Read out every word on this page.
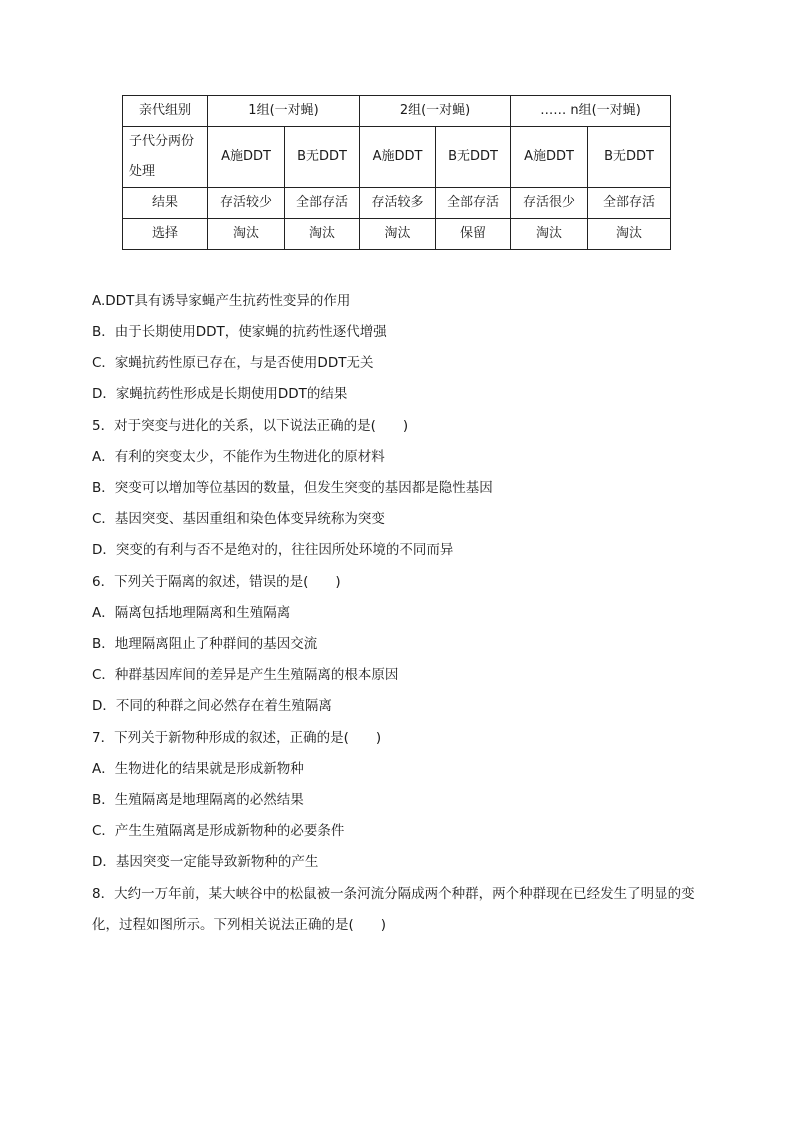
亲代组别	1组(一对蝇)		2组(一对蝇)		…… n组(一对蝇)	
子代分两份处理	A施DDT	B无DDT	A施DDT	B无DDT	A施DDT	B无DDT
结果	存活较少	全部存活	存活较多	全部存活	存活很少	全部存活
选择	淘汰	淘汰	淘汰	保留	淘汰	淘汰
A.DDT具有诱导家蝇产生抗药性变异的作用
B．由于长期使用DDT，使家蝇的抗药性逐代增强
C．家蝇抗药性原已存在，与是否使用DDT无关
D．家蝇抗药性形成是长期使用DDT的结果
5．对于突变与进化的关系，以下说法正确的是(　　)
A．有利的突变太少，不能作为生物进化的原材料
B．突变可以增加等位基因的数量，但发生突变的基因都是隐性基因
C．基因突变、基因重组和染色体变异统称为突变
D．突变的有利与否不是绝对的，往往因所处环境的不同而异
6．下列关于隔离的叙述，错误的是(　　)
A．隔离包括地理隔离和生殖隔离
B．地理隔离阻止了种群间的基因交流
C．种群基因库间的差异是产生生殖隔离的根本原因
D．不同的种群之间必然存在着生殖隔离
7．下列关于新物种形成的叙述，正确的是(　　)
A．生物进化的结果就是形成新物种
B．生殖隔离是地理隔离的必然结果
C．产生生殖隔离是形成新物种的必要条件
D．基因突变一定能导致新物种的产生
8．大约一万年前，某大峡谷中的松鼠被一条河流分隔成两个种群，两个种群现在已经发生了明显的变化，过程如图所示。下列相关说法正确的是(　　)
